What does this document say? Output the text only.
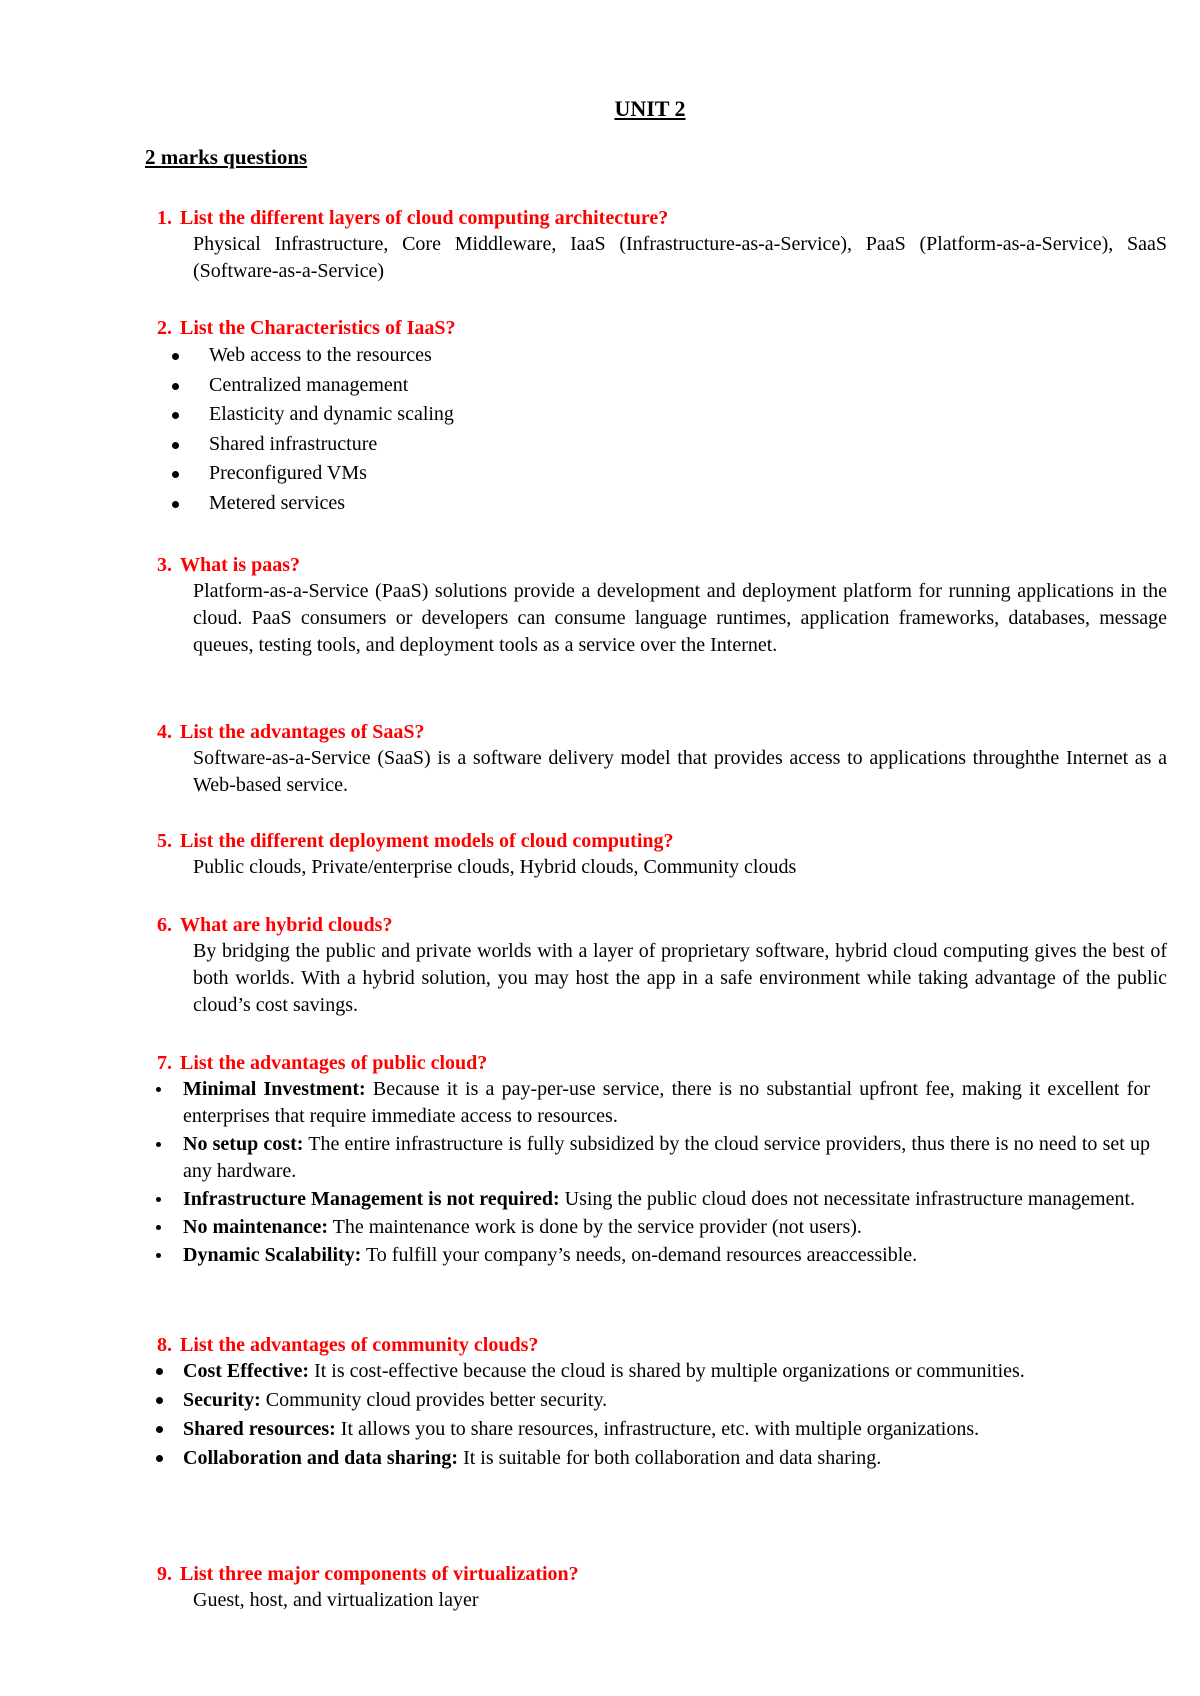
UNIT 2
2 marks questions
1. List the different layers of cloud computing architecture?
Physical Infrastructure, Core Middleware, IaaS (Infrastructure-as-a-Service), PaaS (Platform-as-a-Service), SaaS (Software-as-a-Service)
2. List the Characteristics of IaaS?
Web access to the resources
Centralized management
Elasticity and dynamic scaling
Shared infrastructure
Preconfigured VMs
Metered services
3. What is paas?
Platform-as-a-Service (PaaS) solutions provide a development and deployment platform for running applications in the cloud. PaaS consumers or developers can consume language runtimes, application frameworks, databases, message queues, testing tools, and deployment tools as a service over the Internet.
4. List the advantages of SaaS?
Software-as-a-Service (SaaS) is a software delivery model that provides access to applications throughthe Internet as a Web-based service.
5. List the different deployment models of cloud computing?
Public clouds, Private/enterprise clouds, Hybrid clouds, Community clouds
6. What are hybrid clouds?
By bridging the public and private worlds with a layer of proprietary software, hybrid cloud computing gives the best of both worlds. With a hybrid solution, you may host the app in a safe environment while taking advantage of the public cloud’s cost savings.
7. List the advantages of public cloud?
Minimal Investment: Because it is a pay-per-use service, there is no substantial upfront fee, making it excellent for enterprises that require immediate access to resources.
No setup cost: The entire infrastructure is fully subsidized by the cloud service providers, thus there is no need to set up any hardware.
Infrastructure Management is not required: Using the public cloud does not necessitate infrastructure management.
No maintenance: The maintenance work is done by the service provider (not users).
Dynamic Scalability: To fulfill your company’s needs, on-demand resources areaccessible.
8. List the advantages of community clouds?
Cost Effective: It is cost-effective because the cloud is shared by multiple organizations or communities.
Security: Community cloud provides better security.
Shared resources: It allows you to share resources, infrastructure, etc. with multiple organizations.
Collaboration and data sharing: It is suitable for both collaboration and data sharing.
9. List three major components of virtualization?
Guest, host, and virtualization layer
